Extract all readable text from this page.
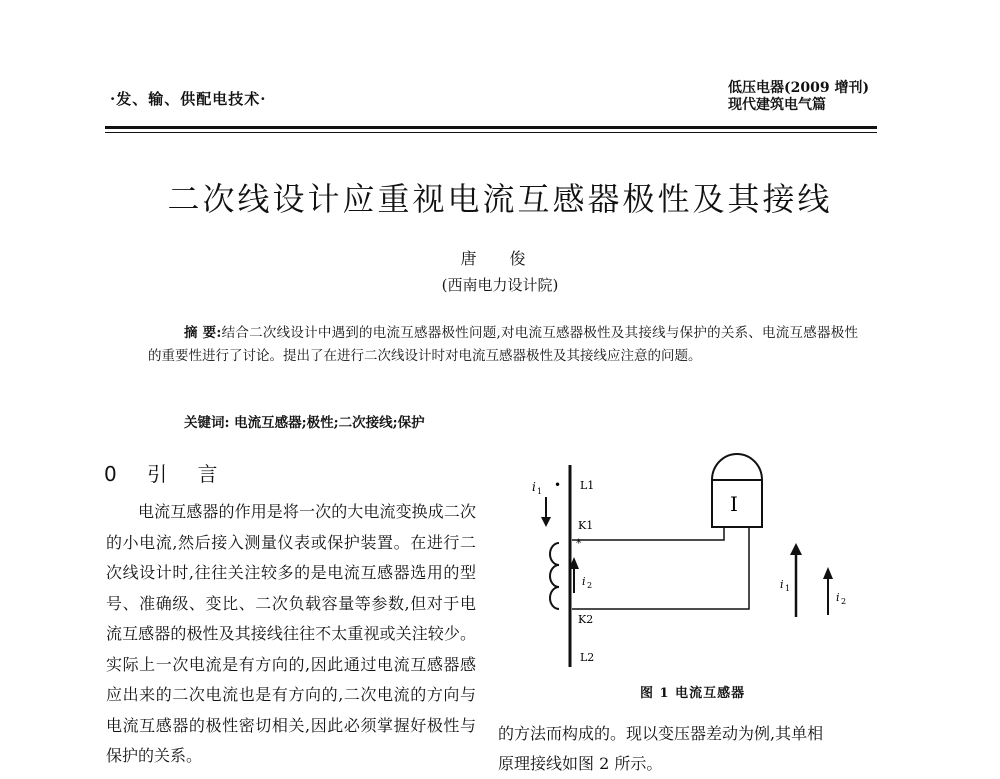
·发、输、供配电技术·
低压电器(2009 增刊)
现代建筑电气篇
二次线设计应重视电流互感器极性及其接线
唐 俊
(西南电力设计院)
摘 要:结合二次线设计中遇到的电流互感器极性问题,对电流互感器极性及其接线与保护的关系、电流互感器极性的重要性进行了讨论。提出了在进行二次线设计时对电流互感器极性及其接线应注意的问题。
关键词: 电流互感器;极性;二次接线;保护
0 引 言

电流互感器的作用是将一次的大电流变换成二次的小电流,然后接入测量仪表或保护装置。在进行二次线设计时,往往关注较多的是电流互感器选用的型号、准确级、变比、二次负载容量等参数,但对于电流互感器的极性及其接线往往不太重视或关注较少。实际上一次电流是有方向的,因此通过电流互感器感应出来的二次电流也是有方向的,二次电流的方向与电流互感器的极性密切相关,因此必须掌握好极性与保护的关系。

i 1 • L1
K1
*
K2
L2
i 2
I
i 1
i 2
图 1 电流互感器

的方法而构成的。现以变压器差动为例,其单相

原理接线如图 2 所示。
